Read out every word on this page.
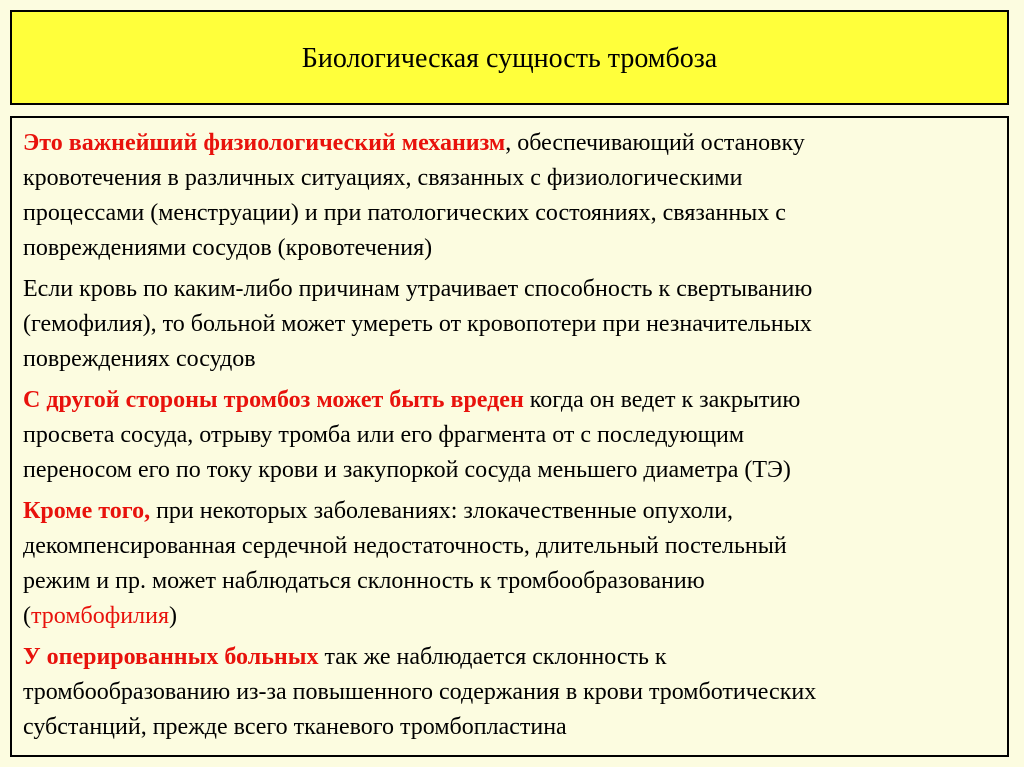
Биологическая сущность тромбоза
Это важнейший физиологический механизм, обеспечивающий остановку
кровотечения в различных ситуациях, связанных с физиологическими
процессами (менструации) и при патологических состояниях, связанных с
повреждениями сосудов (кровотечения)
Если кровь по каким-либо причинам утрачивает способность к свертыванию
(гемофилия), то больной может умереть от кровопотери при незначительных
повреждениях сосудов
С другой стороны тромбоз может быть вреден когда он ведет к закрытию
просвета сосуда, отрыву тромба или его фрагмента от с последующим
переносом его по току крови и закупоркой сосуда меньшего диаметра (ТЭ)
Кроме того, при некоторых заболеваниях: злокачественные опухоли,
декомпенсированная сердечной недостаточность, длительный постельный
режим и пр. может наблюдаться склонность к тромбообразованию
(тромбофилия)
У оперированных больных так же наблюдается склонность к
тромбообразованию из-за повышенного содержания в крови тромботических
субстанций, прежде всего тканевого тромбопластина
